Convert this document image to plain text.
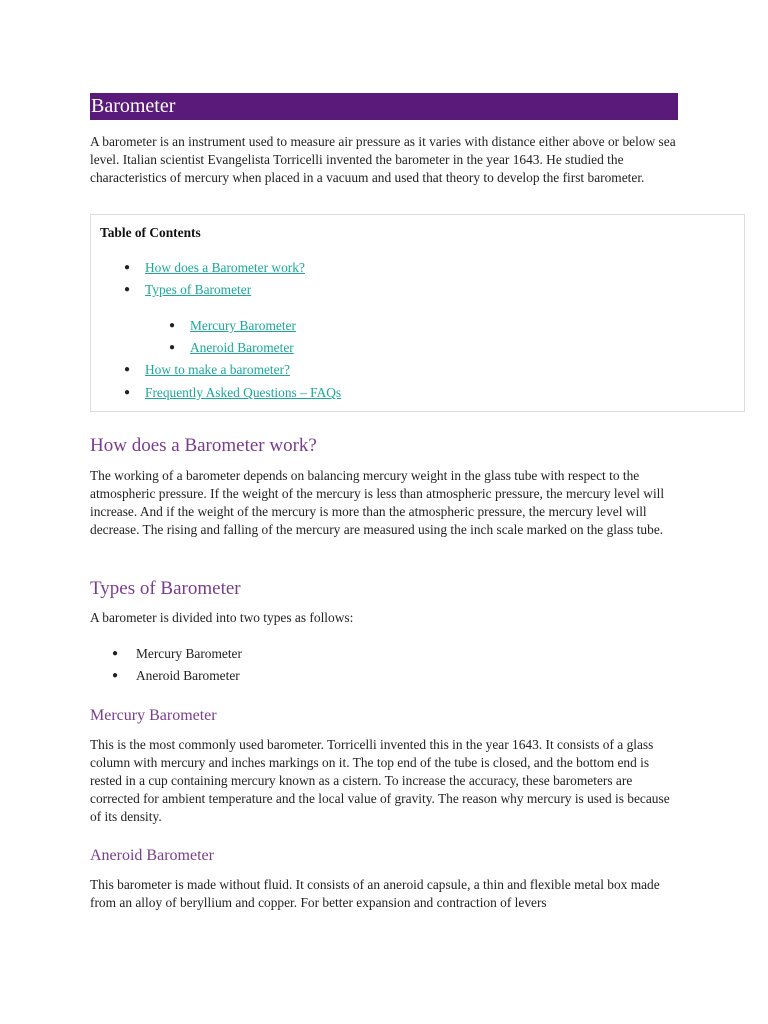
Barometer

A barometer is an instrument used to measure air pressure as it varies with distance either above or below sea level. Italian scientist Evangelista Torricelli invented the barometer in the year 1643. He studied the characteristics of mercury when placed in a vacuum and used that theory to develop the first barometer.

Table of Contents
● How does a Barometer work?
● Types of Barometer
● Mercury Barometer
● Aneroid Barometer
● How to make a barometer?
● Frequently Asked Questions – FAQs
How does a Barometer work?

The working of a barometer depends on balancing mercury weight in the glass tube with respect to the atmospheric pressure. If the weight of the mercury is less than atmospheric pressure, the mercury level will increase. And if the weight of the mercury is more than the atmospheric pressure, the mercury level will decrease. The rising and falling of the mercury are measured using the inch scale marked on the glass tube.

Types of Barometer

A barometer is divided into two types as follows:

● Mercury Barometer
● Aneroid Barometer
Mercury Barometer

This is the most commonly used barometer. Torricelli invented this in the year 1643. It consists of a glass column with mercury and inches markings on it. The top end of the tube is closed, and the bottom end is rested in a cup containing mercury known as a cistern. To increase the accuracy, these barometers are corrected for ambient temperature and the local value of gravity. The reason why mercury is used is because of its density.

Aneroid Barometer

This barometer is made without fluid. It consists of an aneroid capsule, a thin and flexible metal box made from an alloy of beryllium and copper. For better expansion and contraction of levers
